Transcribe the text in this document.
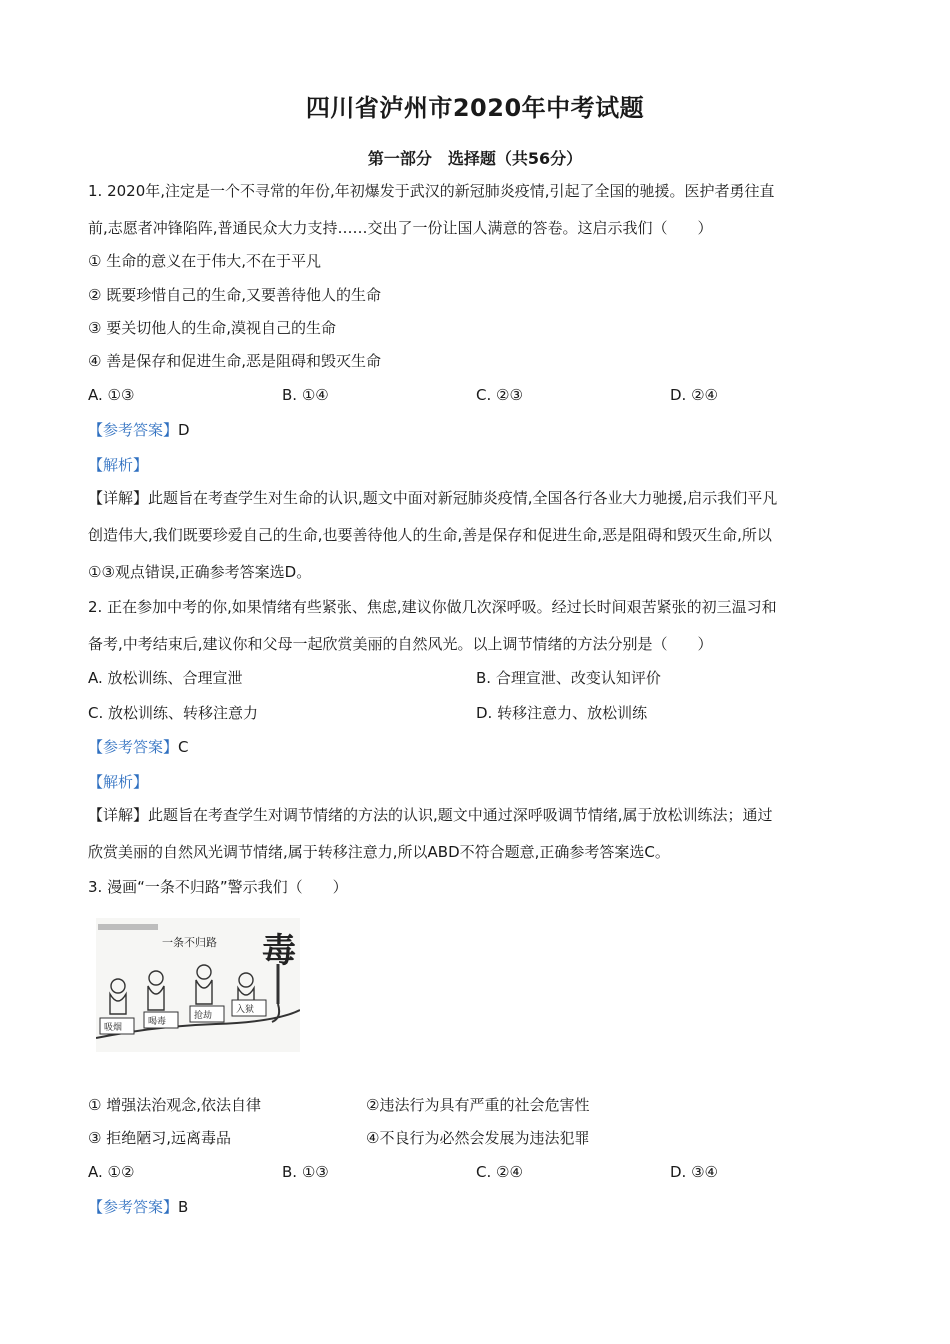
四川省泸州市2020年中考试题
第一部分　选择题（共56分）
1. 2020年,注定是一个不寻常的年份,年初爆发于武汉的新冠肺炎疫情,引起了全国的驰援。医护者勇往直
前,志愿者冲锋陷阵,普通民众大力支持……交出了一份让国人满意的答卷。这启示我们（　　）
① 生命的意义在于伟大,不在于平凡
② 既要珍惜自己的生命,又要善待他人的生命
③ 要关切他人的生命,漠视自己的生命
④ 善是保存和促进生命,恶是阻碍和毁灭生命
A. ①③	B. ①④	C. ②③	D. ②④
【参考答案】D
【解析】
【详解】此题旨在考查学生对生命的认识,题文中面对新冠肺炎疫情,全国各行各业大力驰援,启示我们平凡
创造伟大,我们既要珍爱自己的生命,也要善待他人的生命,善是保存和促进生命,恶是阻碍和毁灭生命,所以
①③观点错误,正确参考答案选D。
2. 正在参加中考的你,如果情绪有些紧张、焦虑,建议你做几次深呼吸。经过长时间艰苦紧张的初三温习和
备考,中考结束后,建议你和父母一起欣赏美丽的自然风光。以上调节情绪的方法分别是（　　）
A. 放松训练、合理宣泄	B. 合理宣泄、改变认知评价
C. 放松训练、转移注意力	D. 转移注意力、放松训练
【参考答案】C
【解析】
【详解】此题旨在考查学生对调节情绪的方法的认识,题文中通过深呼吸调节情绪,属于放松训练法；通过
欣赏美丽的自然风光调节情绪,属于转移注意力,所以ABD不符合题意,正确参考答案选C。
3. 漫画“一条不归路”警示我们（　　）
一条不归路 毒
吸烟
喝毒
抢劫
入狱
① 增强法治观念,依法自律	②违法行为具有严重的社会危害性
③ 拒绝陋习,远离毒品	④不良行为必然会发展为违法犯罪
A. ①②	B. ①③	C. ②④	D. ③④
【参考答案】B
